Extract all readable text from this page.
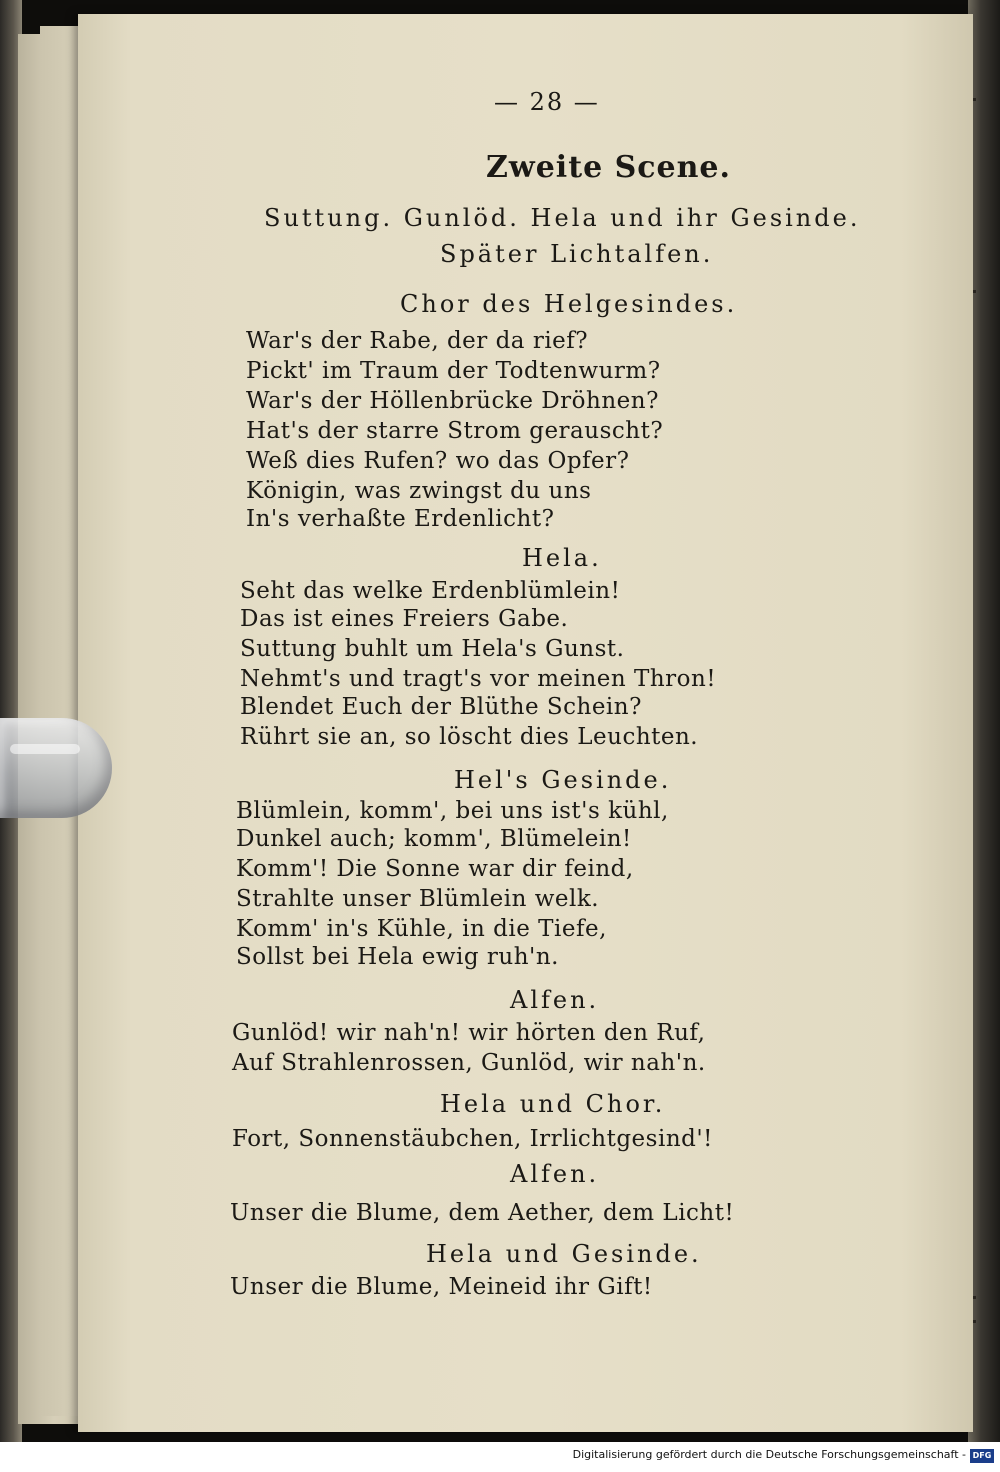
— 28 —
Zweite Scene.
Suttung. Gunlöd. Hela und ihr Gesinde.
Später Lichtalfen.
Chor des Helgesindes.
War's der Rabe, der da rief?
Pickt' im Traum der Todtenwurm?
War's der Höllenbrücke Dröhnen?
Hat's der starre Strom gerauscht?
Weß dies Rufen? wo das Opfer?
Königin, was zwingst du uns
In's verhaßte Erdenlicht?
Hela.
Seht das welke Erdenblümlein!
Das ist eines Freiers Gabe.
Suttung buhlt um Hela's Gunst.
Nehmt's und tragt's vor meinen Thron!
Blendet Euch der Blüthe Schein?
Rührt sie an, so löscht dies Leuchten.
Hel's Gesinde.
Blümlein, komm', bei uns ist's kühl,
Dunkel auch; komm', Blümelein!
Komm'! Die Sonne war dir feind,
Strahlte unser Blümlein welk.
Komm' in's Kühle, in die Tiefe,
Sollst bei Hela ewig ruh'n.
Alfen.
Gunlöd! wir nah'n! wir hörten den Ruf,
Auf Strahlenrossen, Gunlöd, wir nah'n.
Hela und Chor.
Fort, Sonnenstäubchen, Irrlichtgesind'!
Alfen.
Unser die Blume, dem Aether, dem Licht!
Hela und Gesinde.
Unser die Blume, Meineid ihr Gift!
Digitalisierung gefördert durch die Deutsche Forschungsgemeinschaft - DFG
